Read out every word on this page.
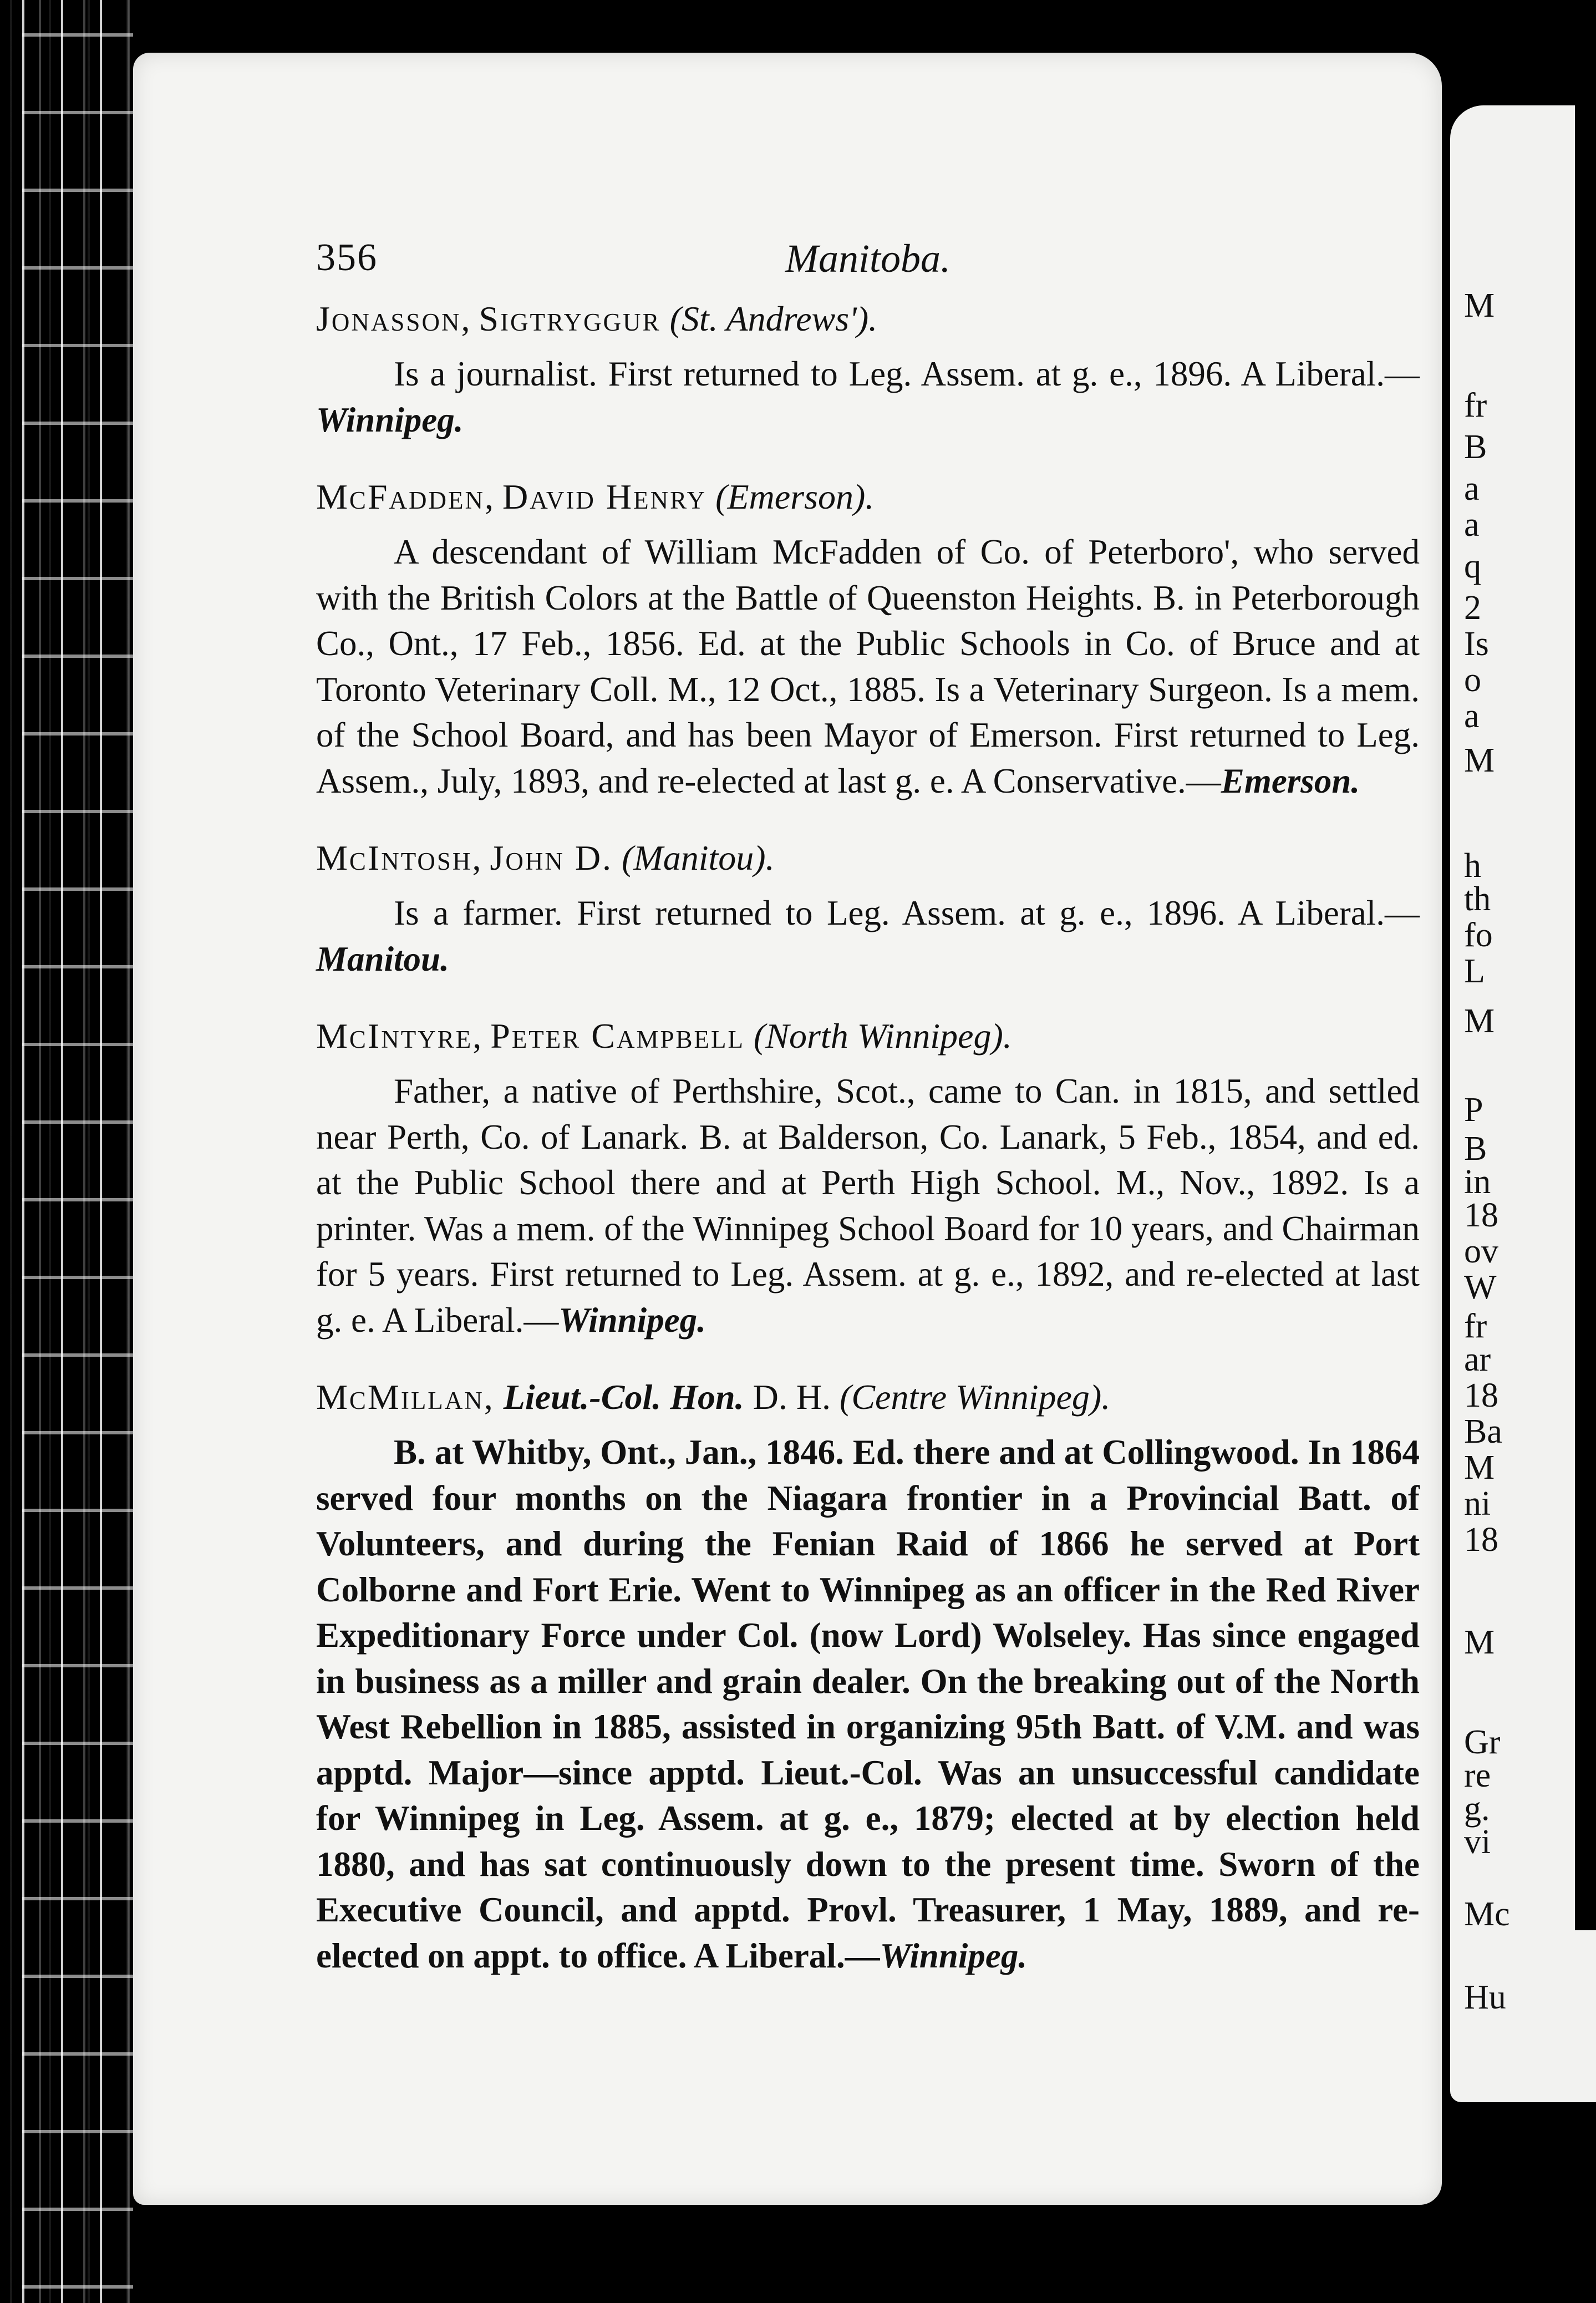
356	Manitoba.

Jonasson, Sigtryggur (St. Andrews').

Is a journalist. First returned to Leg. Assem. at g. e., 1896. A Liberal.—Winnipeg.

McFadden, David Henry (Emerson).

A descendant of William McFadden of Co. of Peterboro', who served with the British Colors at the Battle of Queenston Heights. B. in Peterborough Co., Ont., 17 Feb., 1856. Ed. at the Public Schools in Co. of Bruce and at Toronto Veterinary Coll. M., 12 Oct., 1885. Is a Veterinary Surgeon. Is a mem. of the School Board, and has been Mayor of Emerson. First returned to Leg. Assem., July, 1893, and re-elected at last g. e. A Conservative.—Emerson.

McIntosh, John D. (Manitou).

Is a farmer. First returned to Leg. Assem. at g. e., 1896. A Liberal.—Manitou.

McIntyre, Peter Campbell (North Winnipeg).

Father, a native of Perthshire, Scot., came to Can. in 1815, and settled near Perth, Co. of Lanark. B. at Balderson, Co. Lanark, 5 Feb., 1854, and ed. at the Public School there and at Perth High School. M., Nov., 1892. Is a printer. Was a mem. of the Winnipeg School Board for 10 years, and Chairman for 5 years. First returned to Leg. Assem. at g. e., 1892, and re-elected at last g. e. A Liberal.—Winnipeg.

McMillan, Lieut.-Col. Hon. D. H. (Centre Winnipeg).

B. at Whitby, Ont., Jan., 1846. Ed. there and at Collingwood. In 1864 served four months on the Niagara frontier in a Provincial Batt. of Volunteers, and during the Fenian Raid of 1866 he served at Port Colborne and Fort Erie. Went to Winnipeg as an officer in the Red River Expeditionary Force under Col. (now Lord) Wolseley. Has since engaged in business as a miller and grain dealer. On the breaking out of the North West Rebellion in 1885, assisted in organizing 95th Batt. of V.M. and was apptd. Major—since apptd. Lieut.-Col. Was an unsuccessful candidate for Winnipeg in Leg. Assem. at g. e., 1879; elected at by election held 1880, and has sat continuously down to the present time. Sworn of the Executive Council, and apptd. Provl. Treasurer, 1 May, 1889, and re-elected on appt. to office. A Liberal.—Winnipeg.

M
fr
B
a
a
q
2
Is
o
a
M
h
th
fo
L
M
P
B
in
18
ov
W
fr
ar
18
Ba
M
ni
18
M
Gr
re
g.
vi
Mc
Hu
